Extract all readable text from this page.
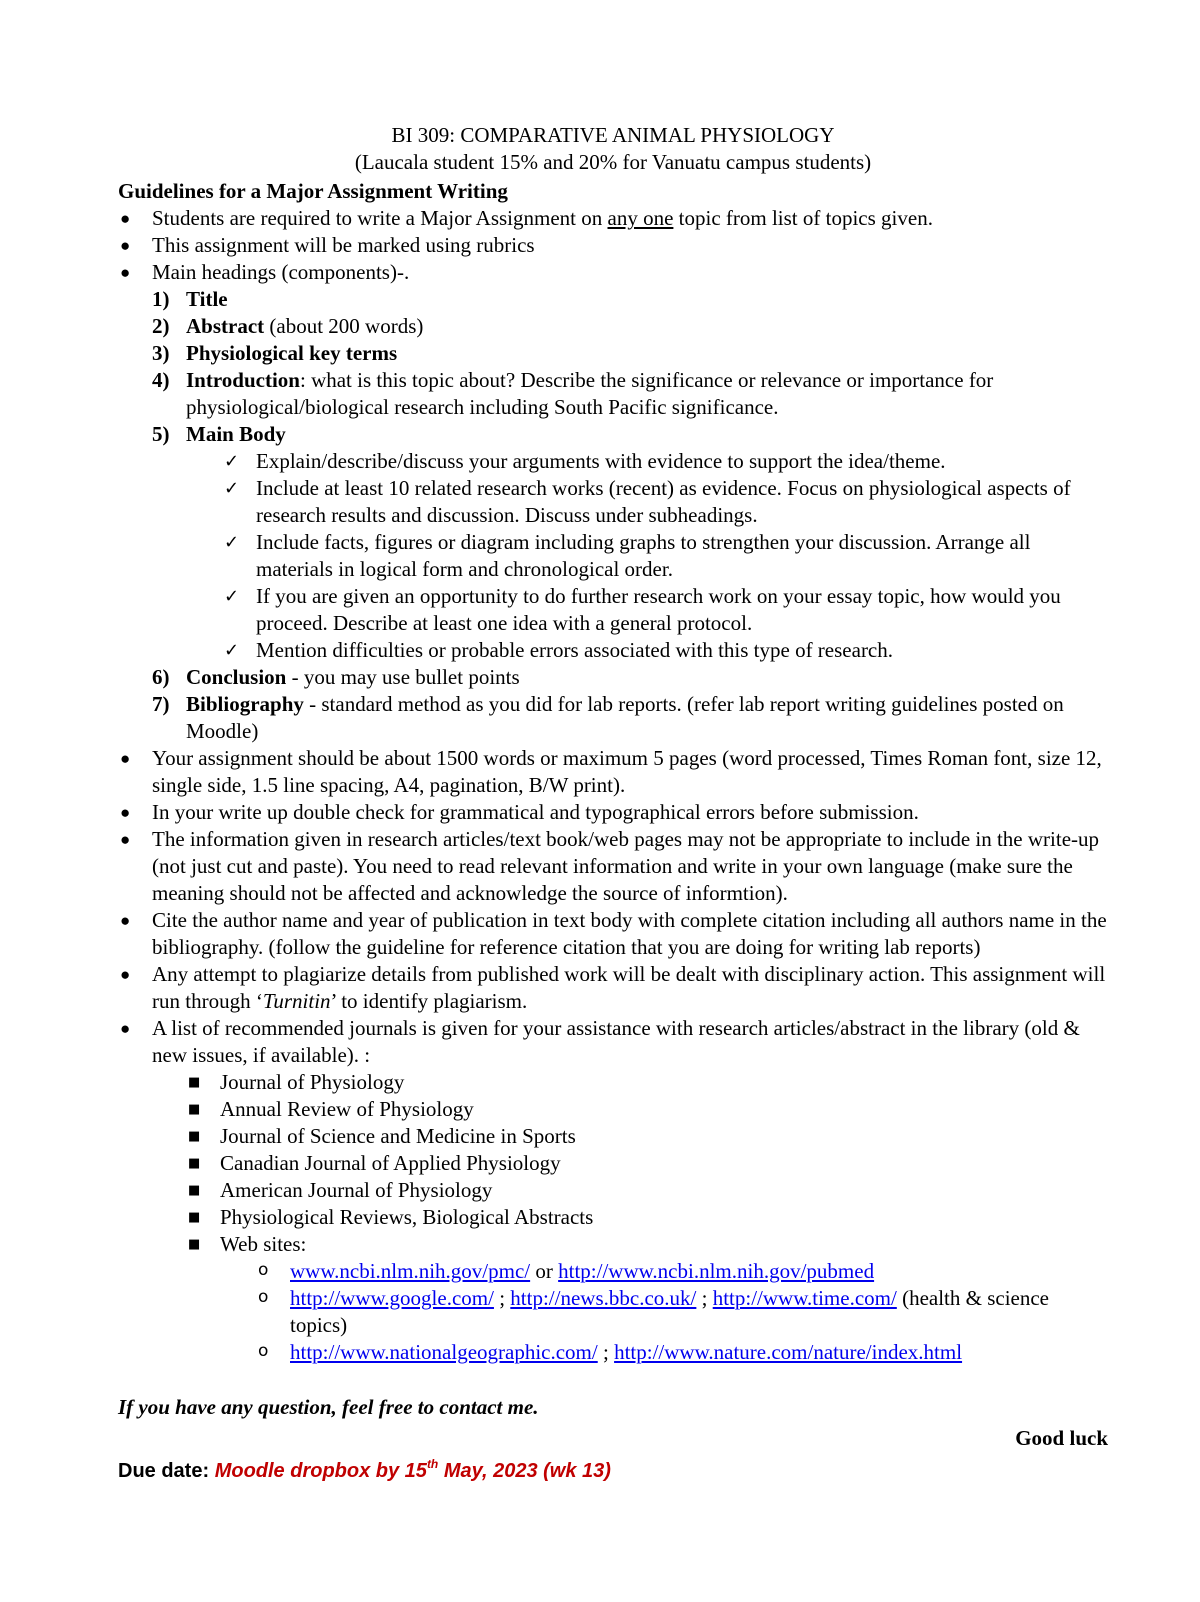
BI 309: COMPARATIVE ANIMAL PHYSIOLOGY
(Laucala student 15% and 20% for Vanuatu campus students)
Guidelines for a Major Assignment Writing
● Students are required to write a Major Assignment on any one topic from list of topics given.
● This assignment will be marked using rubrics
● Main headings (components)-.
1) Title
2) Abstract (about 200 words)
3) Physiological key terms
4) Introduction: what is this topic about? Describe the significance or relevance or importance for physiological/biological research including South Pacific significance.
5) Main Body
✓ Explain/describe/discuss your arguments with evidence to support the idea/theme.
✓ Include at least 10 related research works (recent) as evidence. Focus on physiological aspects of research results and discussion. Discuss under subheadings.
✓ Include facts, figures or diagram including graphs to strengthen your discussion. Arrange all materials in logical form and chronological order.
✓ If you are given an opportunity to do further research work on your essay topic, how would you proceed. Describe at least one idea with a general protocol.
✓ Mention difficulties or probable errors associated with this type of research.
6) Conclusion - you may use bullet points
7) Bibliography - standard method as you did for lab reports. (refer lab report writing guidelines posted on Moodle)
● Your assignment should be about 1500 words or maximum 5 pages (word processed, Times Roman font, size 12, single side, 1.5 line spacing, A4, pagination, B/W print).
● In your write up double check for grammatical and typographical errors before submission.
● The information given in research articles/text book/web pages may not be appropriate to include in the write-up (not just cut and paste). You need to read relevant information and write in your own language (make sure the meaning should not be affected and acknowledge the source of informtion).
● Cite the author name and year of publication in text body with complete citation including all authors name in the bibliography. (follow the guideline for reference citation that you are doing for writing lab reports)
● Any attempt to plagiarize details from published work will be dealt with disciplinary action. This assignment will run through ‘Turnitin’ to identify plagiarism.
● A list of recommended journals is given for your assistance with research articles/abstract in the library (old & new issues, if available). :
■ Journal of Physiology
■ Annual Review of Physiology
■ Journal of Science and Medicine in Sports
■ Canadian Journal of Applied Physiology
■ American Journal of Physiology
■ Physiological Reviews, Biological Abstracts
■ Web sites:
o www.ncbi.nlm.nih.gov/pmc/ or http://www.ncbi.nlm.nih.gov/pubmed
o http://www.google.com/ ; http://news.bbc.co.uk/ ; http://www.time.com/ (health & science topics)
o http://www.nationalgeographic.com/ ; http://www.nature.com/nature/index.html
If you have any question, feel free to contact me.
Good luck
Due date: Moodle dropbox by 15th May, 2023 (wk 13)
